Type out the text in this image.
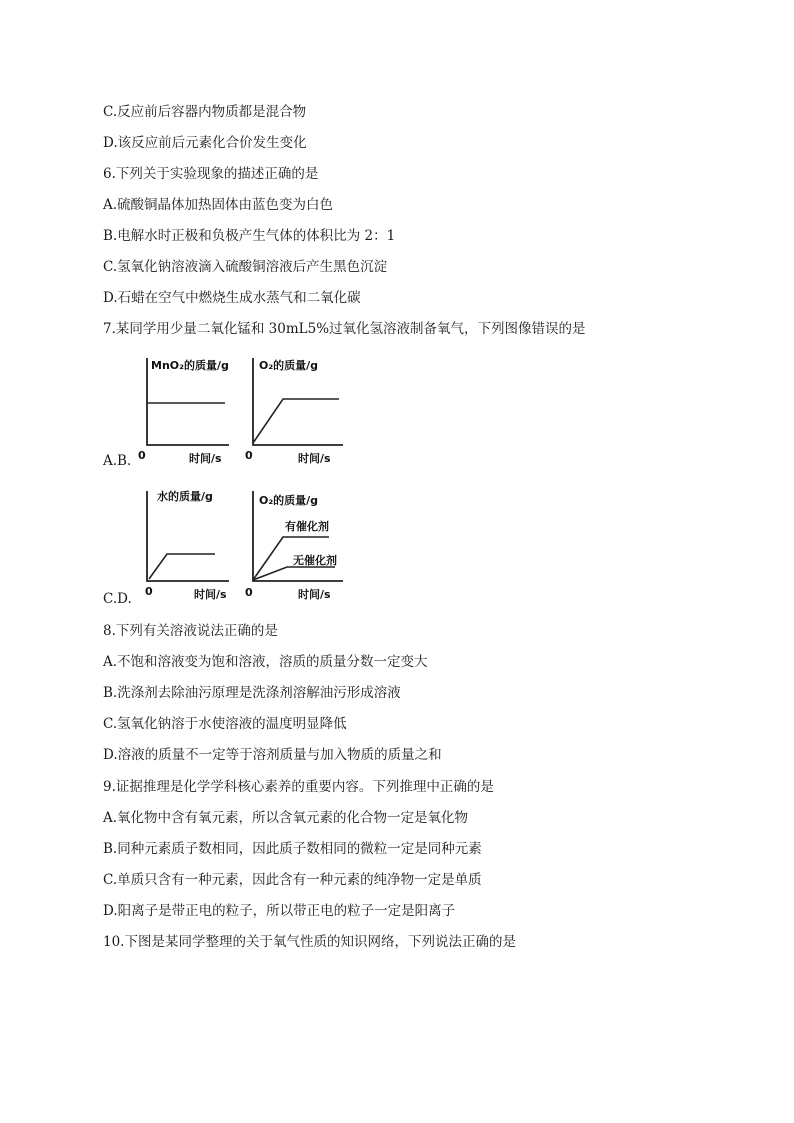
C.反应前后容器内物质都是混合物
D.该反应前后元素化合价发生变化
6.下列关于实验现象的描述正确的是
A.硫酸铜晶体加热固体由蓝色变为白色
B.电解水时正极和负极产生气体的体积比为 2：1
C.氢氧化钠溶液滴入硫酸铜溶液后产生黑色沉淀
D.石蜡在空气中燃烧生成水蒸气和二氧化碳
7.某同学用少量二氧化锰和 30mL5%过氧化氢溶液制备氧气，下列图像错误的是
A.B.
C.D.
MnO₂的质量/g
0	时间/s
O₂的质量/g
0	时间/s
水的质量/g
0	时间/s
O₂的质量/g
有催化剂
无催化剂
0	时间/s
8.下列有关溶液说法正确的是
A.不饱和溶液变为饱和溶液，溶质的质量分数一定变大
B.洗涤剂去除油污原理是洗涤剂溶解油污形成溶液
C.氢氧化钠溶于水使溶液的温度明显降低
D.溶液的质量不一定等于溶剂质量与加入物质的质量之和
9.证据推理是化学学科核心素养的重要内容。下列推理中正确的是
A.氧化物中含有氧元素，所以含氧元素的化合物一定是氧化物
B.同种元素质子数相同，因此质子数相同的微粒一定是同种元素
C.单质只含有一种元素，因此含有一种元素的纯净物一定是单质
D.阳离子是带正电的粒子，所以带正电的粒子一定是阳离子
10.下图是某同学整理的关于氧气性质的知识网络，下列说法正确的是
